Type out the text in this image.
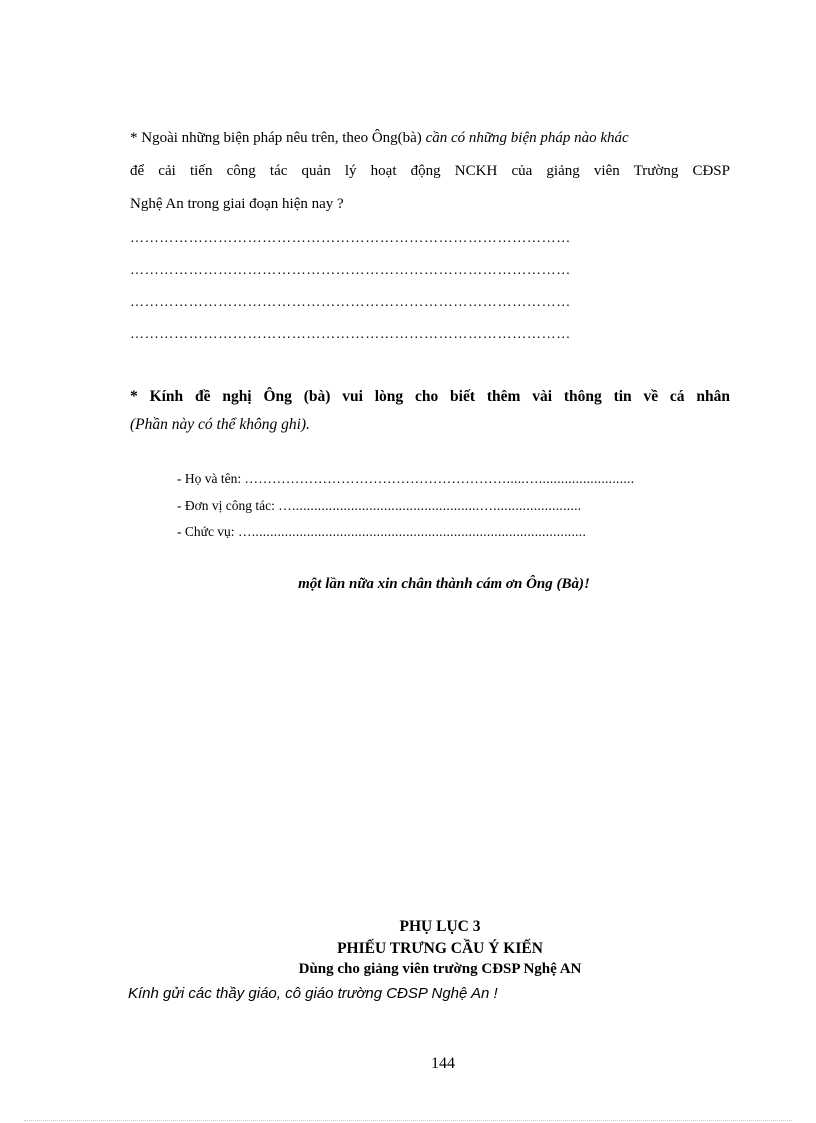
* Ngoài những biện pháp nêu trên, theo Ông(bà) cần có những biện pháp nào khác
để cải tiến công tác quản lý hoạt động NCKH của giảng viên Trường CĐSP
Nghệ An trong giai đoạn hiện nay ?
………………………………………………………………………………
………………………………………………………………………………
………………………………………………………………………………
………………………………………………………………………………
* Kính đề nghị Ông (bà) vui lòng cho biết thêm vài thông tin về cá nhân
(Phần này có thể không ghi).
- Họ và tên: ………………………………………………….....…..........................
- Đơn vị công tác: …...................................................…........................
- Chức vụ: …...........................................................................................
một lần nữa xin chân thành cám ơn Ông (Bà)!
PHỤ LỤC 3
PHIẾU TRƯNG CẦU Ý KIẾN
Dùng cho giảng viên trường CĐSP Nghệ AN
Kính gửi các thầy giáo, cô giáo trường CĐSP Nghệ An !
144
